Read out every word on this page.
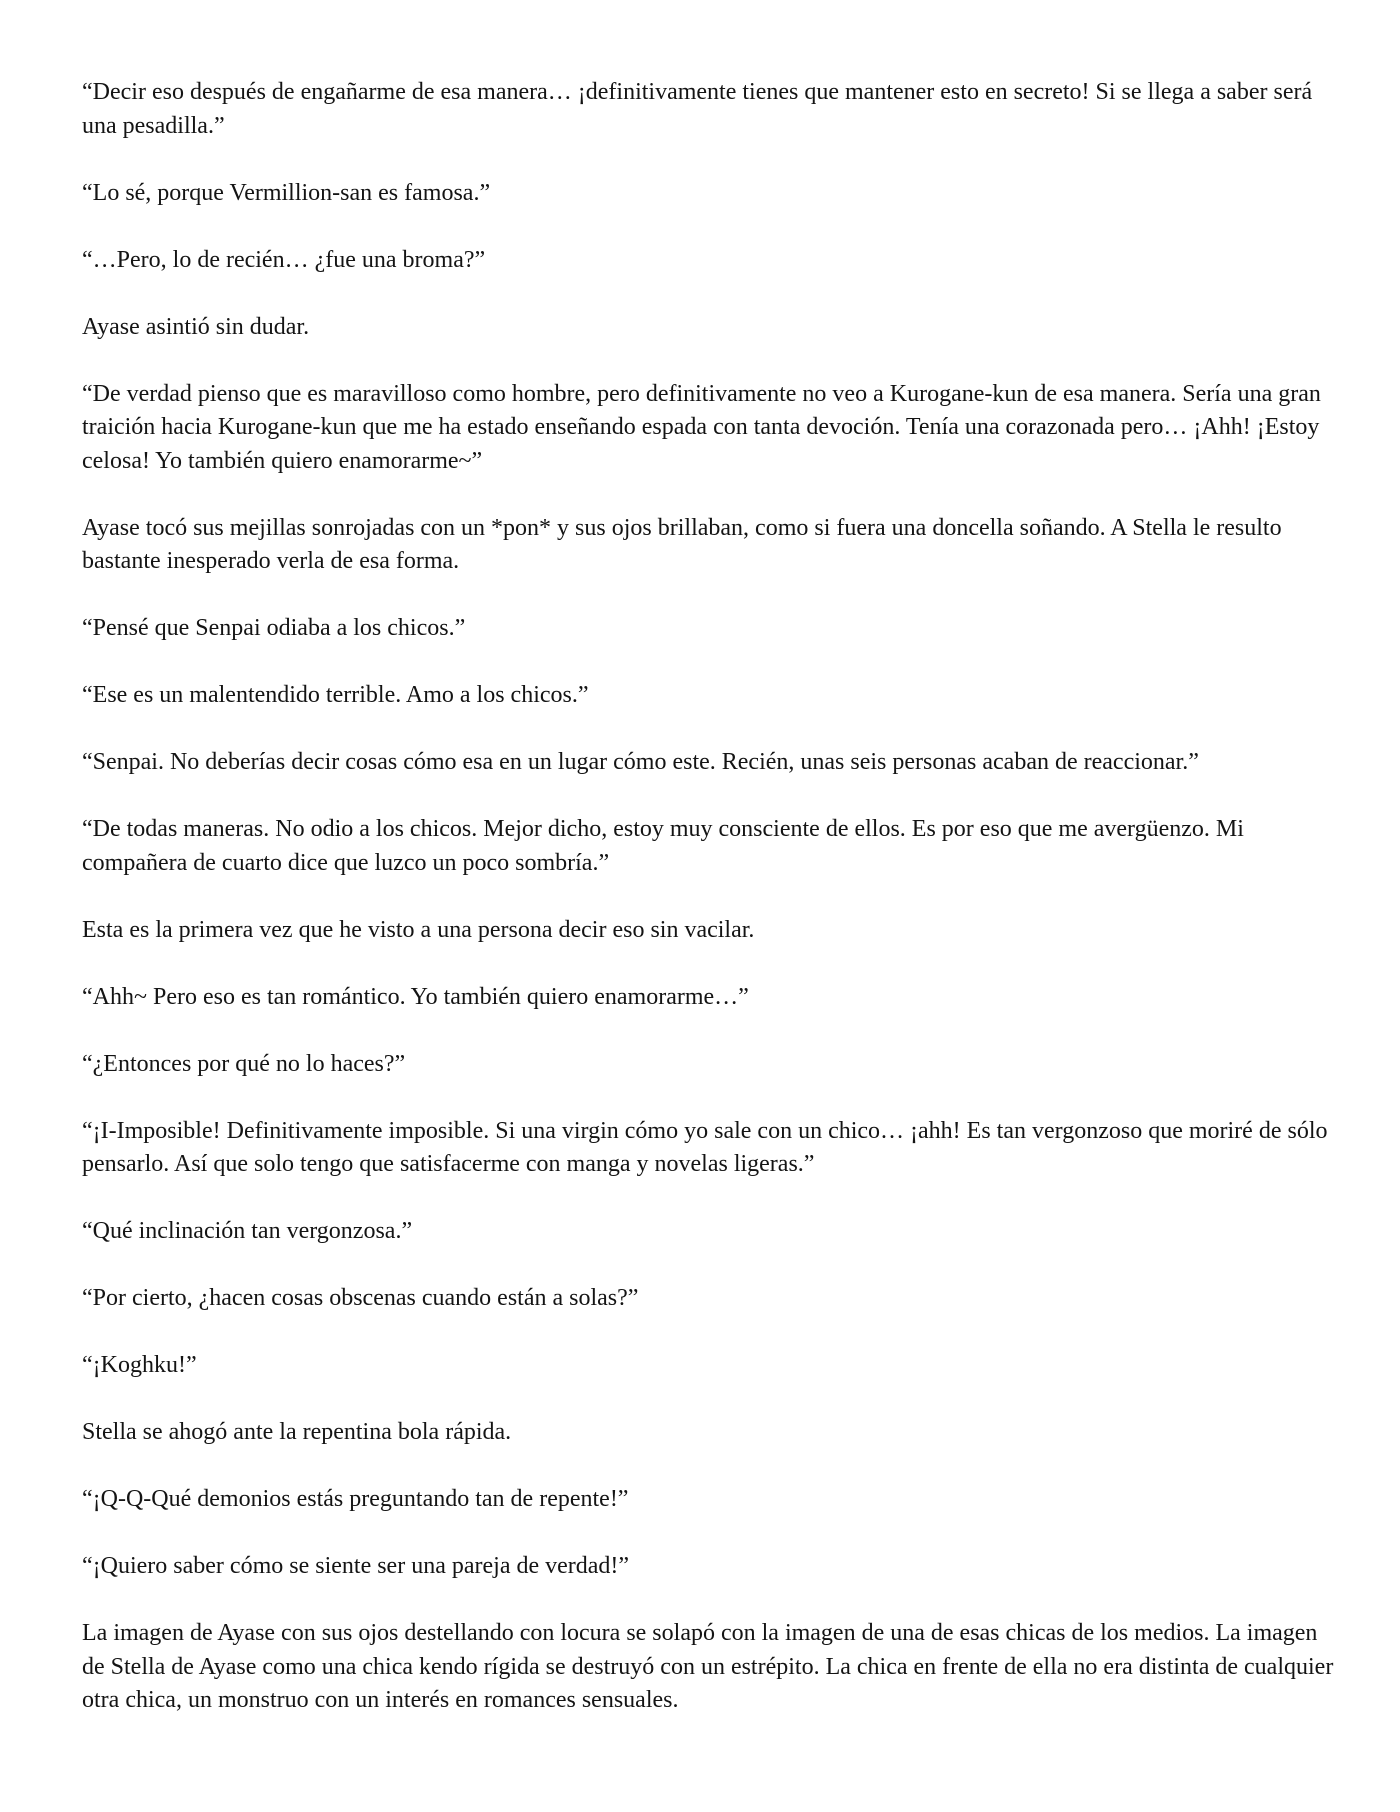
“Decir eso después de engañarme de esa manera… ¡definitivamente tienes que mantener esto en secreto! Si se llega a saber será una pesadilla.”

“Lo sé, porque Vermillion-san es famosa.”

“…Pero, lo de recién… ¿fue una broma?”

Ayase asintió sin dudar.

“De verdad pienso que es maravilloso como hombre, pero definitivamente no veo a Kurogane-kun de esa manera. Sería una gran traición hacia Kurogane-kun que me ha estado enseñando espada con tanta devoción. Tenía una corazonada pero… ¡Ahh! ¡Estoy celosa! Yo también quiero enamorarme~”

Ayase tocó sus mejillas sonrojadas con un *pon* y sus ojos brillaban, como si fuera una doncella soñando. A Stella le resulto bastante inesperado verla de esa forma.

“Pensé que Senpai odiaba a los chicos.”

“Ese es un malentendido terrible. Amo a los chicos.”

“Senpai. No deberías decir cosas cómo esa en un lugar cómo este. Recién, unas seis personas acaban de reaccionar.”

“De todas maneras. No odio a los chicos. Mejor dicho, estoy muy consciente de ellos. Es por eso que me avergüenzo. Mi compañera de cuarto dice que luzco un poco sombría.”

Esta es la primera vez que he visto a una persona decir eso sin vacilar.

“Ahh~ Pero eso es tan romántico. Yo también quiero enamorarme…”

“¿Entonces por qué no lo haces?”

“¡I-Imposible! Definitivamente imposible. Si una virgin cómo yo sale con un chico… ¡ahh! Es tan vergonzoso que moriré de sólo pensarlo. Así que solo tengo que satisfacerme con manga y novelas ligeras.”

“Qué inclinación tan vergonzosa.”

“Por cierto, ¿hacen cosas obscenas cuando están a solas?”

“¡Koghku!”

Stella se ahogó ante la repentina bola rápida.

“¡Q-Q-Qué demonios estás preguntando tan de repente!”

“¡Quiero saber cómo se siente ser una pareja de verdad!”

La imagen de Ayase con sus ojos destellando con locura se solapó con la imagen de una de esas chicas de los medios. La imagen de Stella de Ayase como una chica kendo rígida se destruyó con un estrépito. La chica en frente de ella no era distinta de cualquier otra chica, un monstruo con un interés en romances sensuales.
